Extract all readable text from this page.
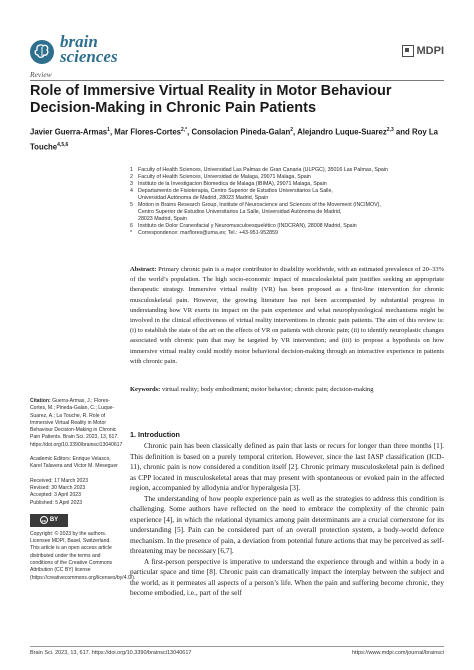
brain
sciences	MDPI
Review
Role of Immersive Virtual Reality in Motor Behaviour Decision-Making in Chronic Pain Patients
Javier Guerra-Armas$^1$, Mar Flores-Cortes$^{2,*}$, Consolacion Pineda-Galan$^2$, Alejandro Luque-Suarez$^{2,3}$ and Roy La Touche$^{4,5,6}$
1 Faculty of Health Sciences, Universidad Las Palmas de Gran Canaria (ULPGC), 35016 Las Palmas, Spain
2 Faculty of Health Sciences, Universidad de Malaga, 29071 Malaga, Spain
3 Instituto de la Investigacion Biomedica de Malaga (IBIMA), 29071 Malaga, Spain
4 Departamento de Fisioterapia, Centro Superior de Estudios Universitarios La Salle,
Universidad Autónoma de Madrid, 28023 Madrid, Spain
5 Motion in Brains Research Group, Institute of Neuroscience and Sciences of the Movement (INCIMOV),
Centro Superior de Estudios Universitarios La Salle, Universidad Autónoma de Madrid,
28023 Madrid, Spain
6 Instituto de Dolor Craneofacial y Neuromusculoesquelético (INDCRAN), 28008 Madrid, Spain
*	Correspondence: marflores@uma.es; Tel.: +43-951-952859
Abstract: Primary chronic pain is a major contributor to disability worldwide, with an estimated prevalence of 20–33% of the world’s population. The high socio-economic impact of musculoskeletal pain justifies seeking an appropriate therapeutic strategy. Immersive virtual reality (VR) has been proposed as a first-line intervention for chronic musculoskeletal pain. However, the growing literature has not been accompanied by substantial progress in understanding how VR exerts its impact on the pain experience and what neurophysiological mechanisms might be involved in the clinical effectiveness of virtual reality interventions in chronic pain patients. The aim of this review is: (i) to establish the state of the art on the effects of VR on patients with chronic pain; (ii) to identify neuroplastic changes associated with chronic pain that may be targeted by VR intervention; and (iii) to propose a hypothesis on how immersive virtual reality could modify motor behavioral decision-making through an interactive experience in patients with chronic pain.
Keywords: virtual reality; body embodiment; motor behavior; chronic pain; decision-making
Citation: Guerra-Armas, J.; Flores-Cortes, M.; Pineda-Galan, C.; Luque-Suarez, A.; La Touche, R. Role of Immersive Virtual Reality in Motor Behaviour Decision-Making in Chronic Pain Patients. Brain Sci. 2023, 13, 617. https://doi.org/10.3390/brainsci13040617
Academic Editors: Enrique Velasco, Karel Talavera and Victor M. Meseguer
Received: 17 March 2023
Revised: 30 March 2023
Accepted: 3 April 2023
Published: 5 April 2023
cc BY
Copyright: © 2023 by the authors. Licensee MDPI, Basel, Switzerland. This article is an open access article distributed under the terms and conditions of the Creative Commons Attribution (CC BY) license (https://creativecommons.org/licenses/by/4.0/).
1. Introduction

Chronic pain has been classically defined as pain that lasts or recurs for longer than three months [1]. This definition is based on a purely temporal criterion. However, since the last IASP classification (ICD-11), chronic pain is now considered a condition itself [2]. Chronic primary musculoskeletal pain is defined as CPP located in musculoskeletal areas that may present with spontaneous or evoked pain in the affected region, accompanied by allodynia and/or hyperalgesia [3].

The understanding of how people experience pain as well as the strategies to address this condition is challenging. Some authors have reflected on the need to embrace the complexity of the chronic pain experience [4], in which the relational dynamics among pain determinants are a crucial cornerstone for its understanding [5]. Pain can be considered part of an overall protection system, a body-world defence mechanism. In the presence of pain, a deviation from potential future actions that may be perceived as self-threatening may be necessary [6,7].

A first-person perspective is imperative to understand the experience through and within a body in a particular space and time [8]. Chronic pain can dramatically impact the interplay between the subject and the world, as it permeates all aspects of a person’s life. When the pain and suffering become chronic, they become embodied, i.e., part of the self

Brain Sci. 2023, 13, 617. https://doi.org/10.3390/brainsci13040617	https://www.mdpi.com/journal/brainsci
